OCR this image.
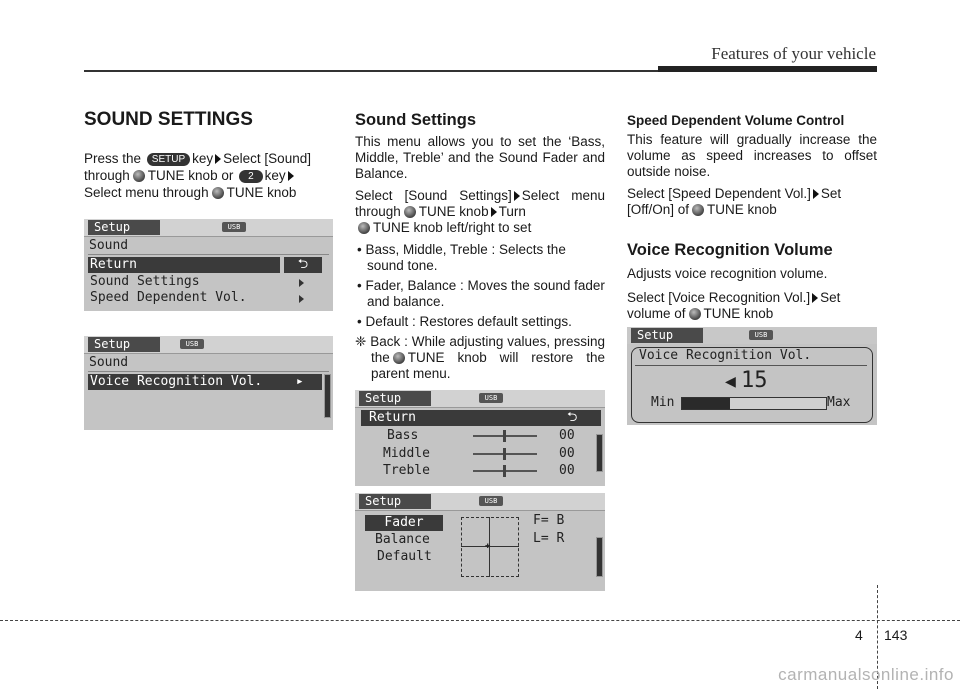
Features of your vehicle
SOUND SETTINGS
Press the SETUP key Select [Sound]
through TUNE knob or 2 key
Select menu through TUNE knob
Setup	USB
Sound
Return	⮌
Sound Settings
Speed Dependent Vol.
Setup	USB
Sound
Voice Recognition Vol.	▸
Sound Settings

This menu allows you to set the ‘Bass, Middle, Treble’ and the Sound Fader and Balance.

Select [Sound Settings] Select menu through TUNE knob Turn
TUNE knob left/right to set

• Bass, Middle, Treble : Selects the sound tone.
• Fader, Balance : Moves the sound fader and balance.
• Default : Restores default settings.

❈ Back : While adjusting values, pressing the TUNE knob will restore the parent menu.

Setup	USB
Return	⮌
Bass	00
Middle	00
Treble	00
Setup	USB
Fader
Balance
Default
✚
F= B
L= R

Speed Dependent Volume Control

This feature will gradually increase the volume as speed increases to offset outside noise.

Select [Speed Dependent Vol.] Set [Off/On] of TUNE knob

Voice Recognition Volume

Adjusts voice recognition volume.

Select [Voice Recognition Vol.] Set volume of TUNE knob

Setup	USB
Voice Recognition Vol.
◀ 15
Min	Max
4 143
carmanualsonline.info
